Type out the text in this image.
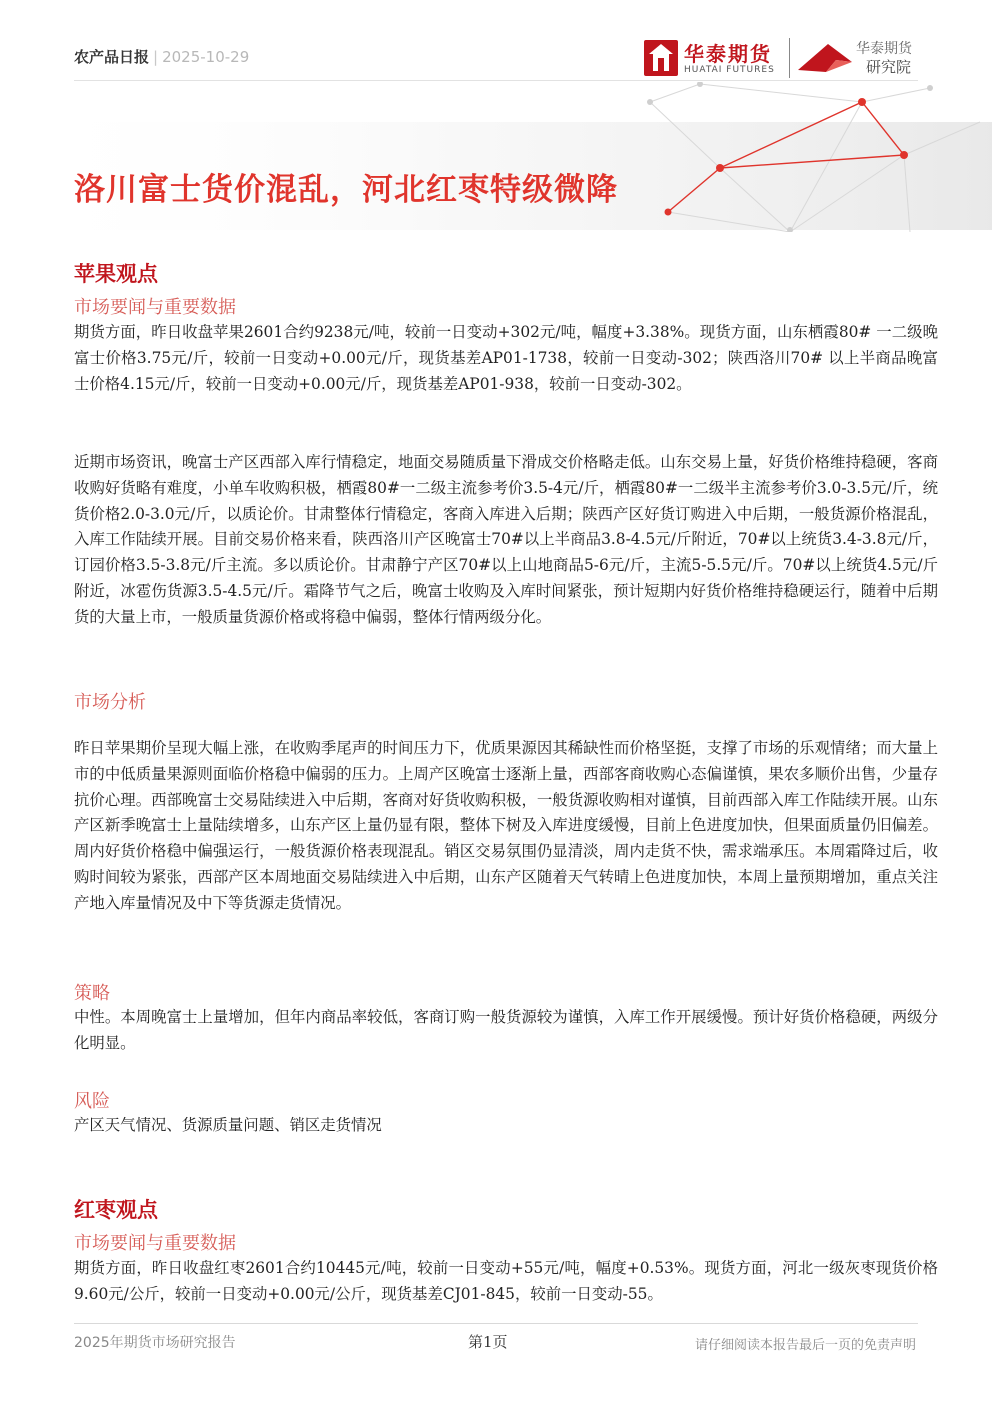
农产品日报 | 2025-10-29	华泰期货
HUATAI FUTURES
华泰期货
研究院
洛川富士货价混乱，河北红枣特级微降
苹果观点
市场要闻与重要数据

期货方面，昨日收盘苹果2601合约9238元/吨，较前一日变动+302元/吨，幅度+3.38%。现货方面，山东栖霞80# 一二级晚富士价格3.75元/斤，较前一日变动+0.00元/斤，现货基差AP01-1738，较前一日变动-302；陕西洛川70# 以上半商品晚富士价格4.15元/斤，较前一日变动+0.00元/斤，现货基差AP01-938，较前一日变动-302。

近期市场资讯，晚富士产区西部入库行情稳定，地面交易随质量下滑成交价格略走低。山东交易上量，好货价格维持稳硬，客商收购好货略有难度，小单车收购积极，栖霞80#一二级主流参考价3.5-4元/斤，栖霞80#一二级半主流参考价3.0-3.5元/斤，统货价格2.0-3.0元/斤，以质论价。甘肃整体行情稳定，客商入库进入后期；陕西产区好货订购进入中后期，一般货源价格混乱，入库工作陆续开展。目前交易价格来看，陕西洛川产区晚富士70#以上半商品3.8-4.5元/斤附近，70#以上统货3.4-3.8元/斤，订园价格3.5-3.8元/斤主流。多以质论价。甘肃静宁产区70#以上山地商品5-6元/斤，主流5-5.5元/斤。70#以上统货4.5元/斤附近，冰雹伤货源3.5-4.5元/斤。霜降节气之后，晚富士收购及入库时间紧张，预计短期内好货价格维持稳硬运行，随着中后期货的大量上市，一般质量货源价格或将稳中偏弱，整体行情两级分化。

市场分析

昨日苹果期价呈现大幅上涨，在收购季尾声的时间压力下，优质果源因其稀缺性而价格坚挺，支撑了市场的乐观情绪；而大量上市的中低质量果源则面临价格稳中偏弱的压力。上周产区晚富士逐渐上量，西部客商收购心态偏谨慎，果农多顺价出售，少量存抗价心理。西部晚富士交易陆续进入中后期，客商对好货收购积极，一般货源收购相对谨慎，目前西部入库工作陆续开展。山东产区新季晚富士上量陆续增多，山东产区上量仍显有限，整体下树及入库进度缓慢，目前上色进度加快，但果面质量仍旧偏差。周内好货价格稳中偏强运行，一般货源价格表现混乱。销区交易氛围仍显清淡，周内走货不快，需求端承压。本周霜降过后，收购时间较为紧张，西部产区本周地面交易陆续进入中后期，山东产区随着天气转晴上色进度加快，本周上量预期增加，重点关注产地入库量情况及中下等货源走货情况。

策略

中性。本周晚富士上量增加，但年内商品率较低，客商订购一般货源较为谨慎，入库工作开展缓慢。预计好货价格稳硬，两级分化明显。

风险

产区天气情况、货源质量问题、销区走货情况

红枣观点
市场要闻与重要数据

期货方面，昨日收盘红枣2601合约10445元/吨，较前一日变动+55元/吨，幅度+0.53%。现货方面，河北一级灰枣现货价格9.60元/公斤，较前一日变动+0.00元/公斤，现货基差CJ01-845，较前一日变动-55。

2025年期货市场研究报告	第1页	请仔细阅读本报告最后一页的免责声明
